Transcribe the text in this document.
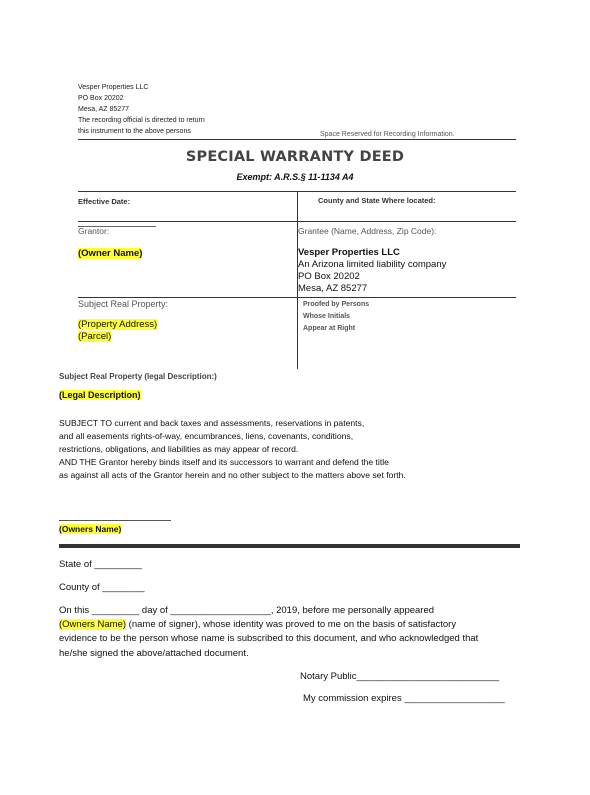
Vesper Properties LLC
PO Box 20202
Mesa, AZ 85277
The recording official is directed to return
this instrument to the above persons	Space Reserved for Recording Information.
SPECIAL WARRANTY DEED
Exempt: A.R.S.§ 11-1134 A4
Effective Date:	County and State Where located:
Grantor:	Grantee (Name, Address, Zip Code):
(Owner Name)	Vesper Properties LLC
An Arizona limited liability company
PO Box 20202
Mesa, AZ 85277
Subject Real Property:
(Property Address)
(Parcel)
Proofed by Persons
Whose Initials
Appear at Right
Subject Real Property (legal Description:)
(Legal Description)
SUBJECT TO current and back taxes and assessments, reservations in patents,
and all easements rights-of-way, encumbrances, liens, covenants, conditions,
restrictions, obligations, and liabilities as may appear of record.
AND THE Grantor hereby binds itself and its successors to warrant and defend the title
as against all acts of the Grantor herein and no other subject to the matters above set forth.
(Owners Name)
State of _________
County of ________
On this _________ day of ___________________, 2019, before me personally appeared
(Owners Name) (name of signer), whose identity was proved to me on the basis of satisfactory
evidence to be the person whose name is subscribed to this document, and who acknowledged that
he/she signed the above/attached document.
Notary Public___________________________
My commission expires ___________________
